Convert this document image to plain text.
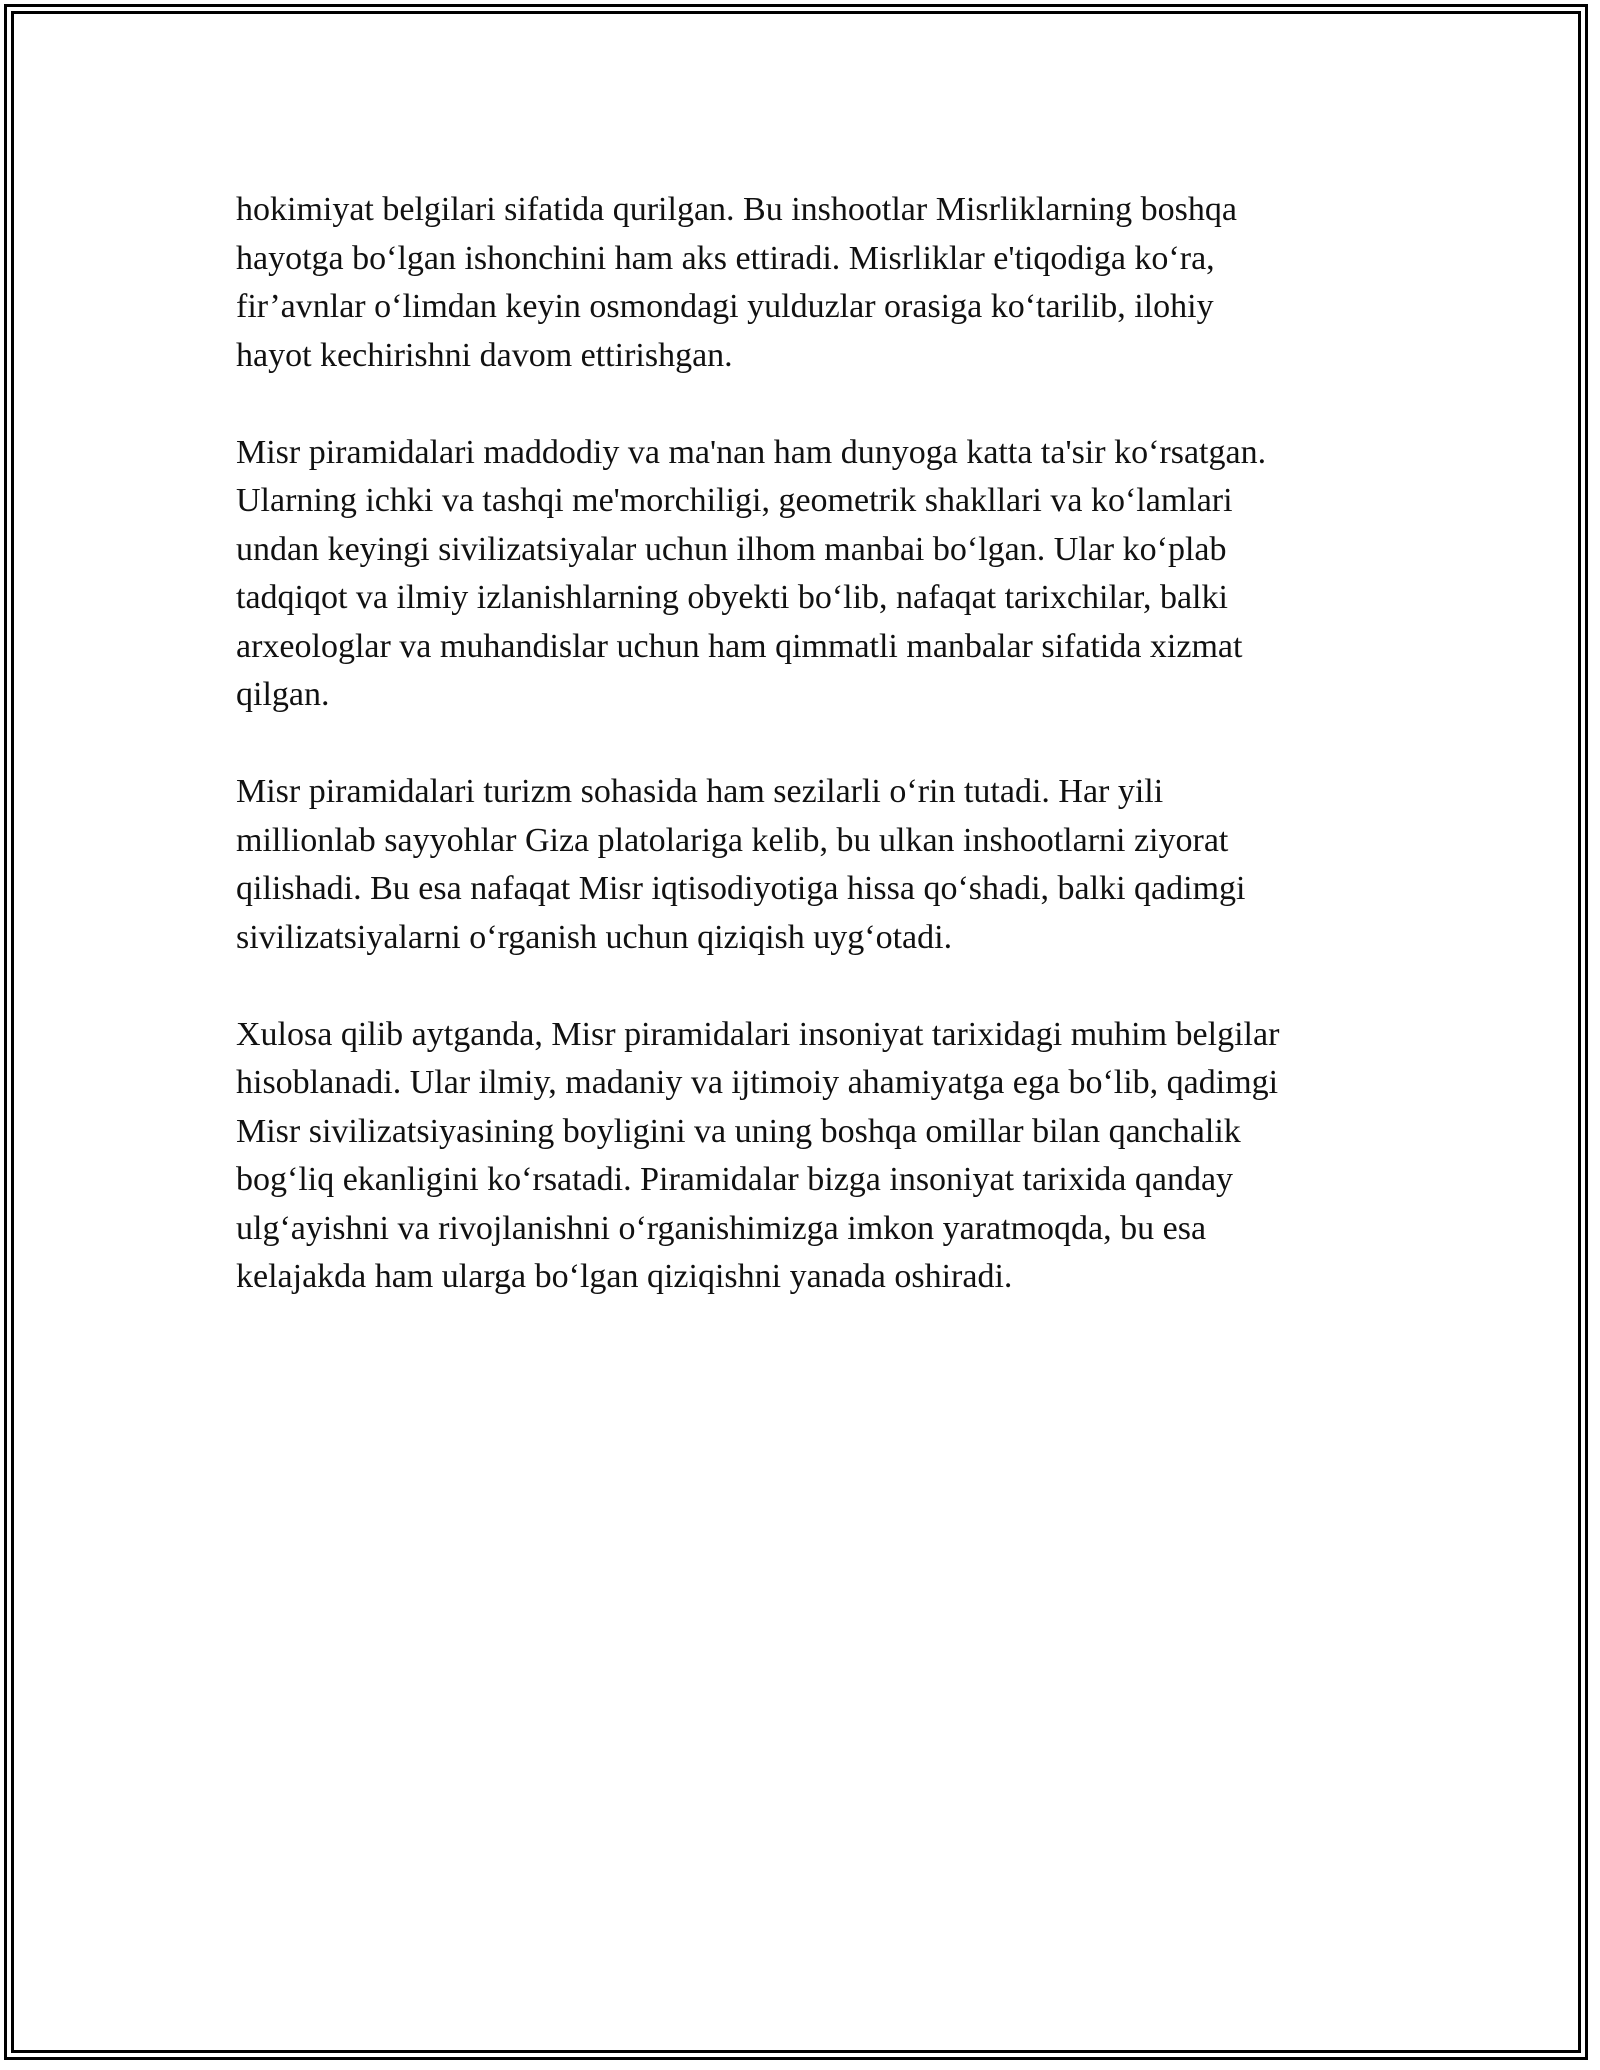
hokimiyat belgilari sifatida qurilgan. Bu inshootlar Misrliklarning boshqa
hayotga bo‘lgan ishonchini ham aks ettiradi. Misrliklar e'tiqodiga ko‘ra,
fir’avnlar o‘limdan keyin osmondagi yulduzlar orasiga ko‘tarilib, ilohiy
hayot kechirishni davom ettirishgan.

Misr piramidalari maddodiy va ma'nan ham dunyoga katta ta'sir ko‘rsatgan.
Ularning ichki va tashqi me'morchiligi, geometrik shakllari va ko‘lamlari
undan keyingi sivilizatsiyalar uchun ilhom manbai bo‘lgan. Ular ko‘plab
tadqiqot va ilmiy izlanishlarning obyekti bo‘lib, nafaqat tarixchilar, balki
arxeologlar va muhandislar uchun ham qimmatli manbalar sifatida xizmat
qilgan.

Misr piramidalari turizm sohasida ham sezilarli o‘rin tutadi. Har yili
millionlab sayyohlar Giza platolariga kelib, bu ulkan inshootlarni ziyorat
qilishadi. Bu esa nafaqat Misr iqtisodiyotiga hissa qo‘shadi, balki qadimgi
sivilizatsiyalarni o‘rganish uchun qiziqish uyg‘otadi.

Xulosa qilib aytganda, Misr piramidalari insoniyat tarixidagi muhim belgilar
hisoblanadi. Ular ilmiy, madaniy va ijtimoiy ahamiyatga ega bo‘lib, qadimgi
Misr sivilizatsiyasining boyligini va uning boshqa omillar bilan qanchalik
bog‘liq ekanligini ko‘rsatadi. Piramidalar bizga insoniyat tarixida qanday
ulg‘ayishni va rivojlanishni o‘rganishimizga imkon yaratmoqda, bu esa
kelajakda ham ularga bo‘lgan qiziqishni yanada oshiradi.
